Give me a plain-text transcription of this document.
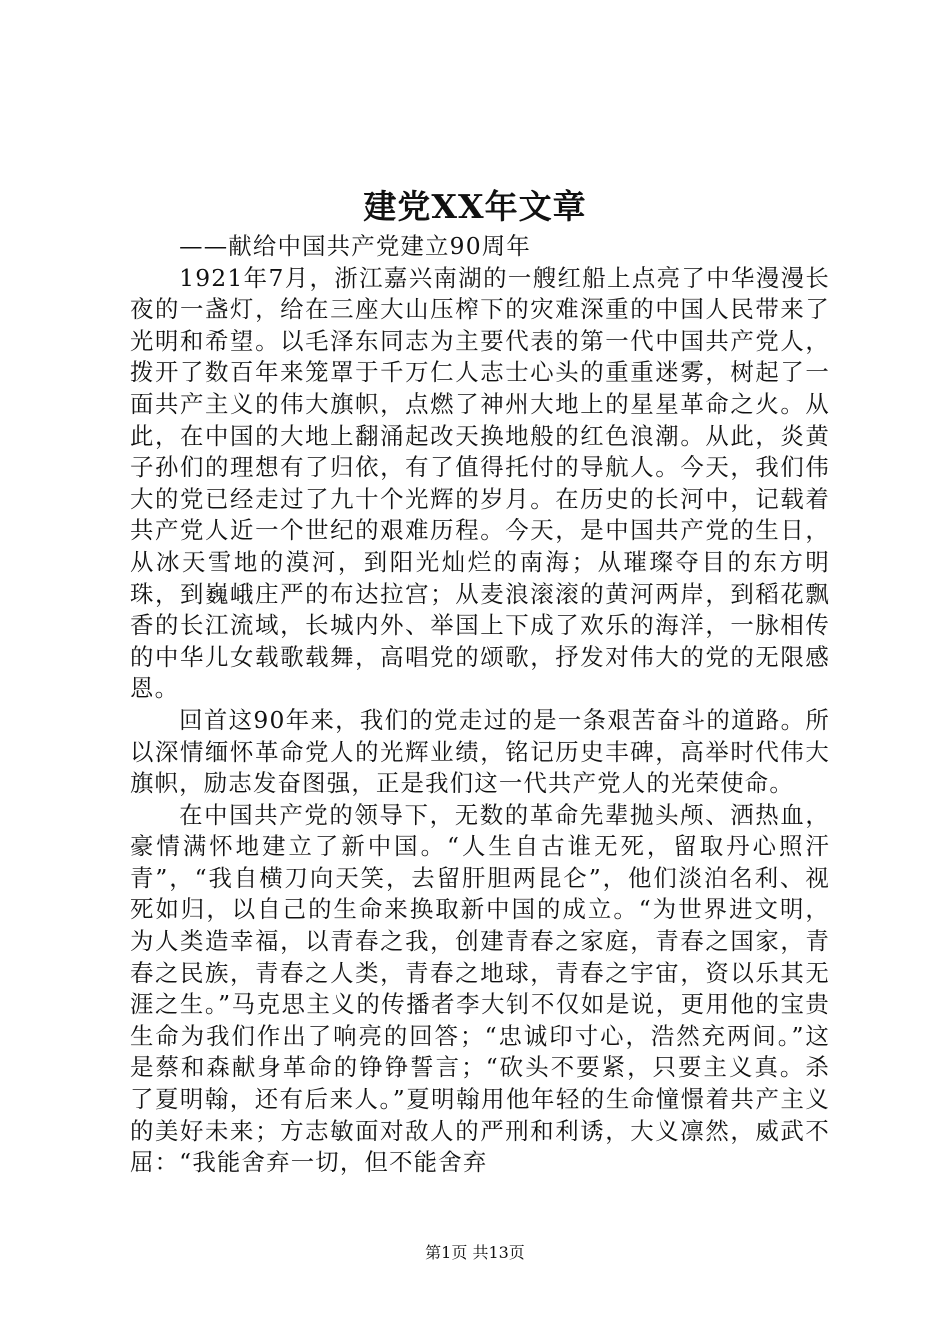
建党XX年文章

——献给中国共产党建立90周年

1921年7月，浙江嘉兴南湖的一艘红船上点亮了中华漫漫长夜的一盏灯，给在三座大山压榨下的灾难深重的中国人民带来了光明和希望。以毛泽东同志为主要代表的第一代中国共产党人，拨开了数百年来笼罩于千万仁人志士心头的重重迷雾，树起了一面共产主义的伟大旗帜，点燃了神州大地上的星星革命之火。从此，在中国的大地上翻涌起改天换地般的红色浪潮。从此，炎黄子孙们的理想有了归依，有了值得托付的导航人。今天，我们伟大的党已经走过了九十个光辉的岁月。在历史的长河中，记载着共产党人近一个世纪的艰难历程。今天，是中国共产党的生日，从冰天雪地的漠河，到阳光灿烂的南海；从璀璨夺目的东方明珠，到巍峨庄严的布达拉宫；从麦浪滚滚的黄河两岸，到稻花飘香的长江流域，长城内外、举国上下成了欢乐的海洋，一脉相传的中华儿女载歌载舞，高唱党的颂歌，抒发对伟大的党的无限感恩。

回首这90年来，我们的党走过的是一条艰苦奋斗的道路。所以深情缅怀革命党人的光辉业绩，铭记历史丰碑，高举时代伟大旗帜，励志发奋图强，正是我们这一代共产党人的光荣使命。

在中国共产党的领导下，无数的革命先辈抛头颅、洒热血，豪情满怀地建立了新中国。“人生自古谁无死，留取丹心照汗青”，“我自横刀向天笑，去留肝胆两昆仑”，他们淡泊名利、视死如归，以自己的生命来换取新中国的成立。“为世界进文明，为人类造幸福，以青春之我，创建青春之家庭，青春之国家，青春之民族，青春之人类，青春之地球，青春之宇宙，资以乐其无涯之生。”马克思主义的传播者李大钊不仅如是说，更用他的宝贵生命为我们作出了响亮的回答；“忠诚印寸心，浩然充两间。”这是蔡和森献身革命的铮铮誓言；“砍头不要紧，只要主义真。杀了夏明翰，还有后来人。”夏明翰用他年轻的生命憧憬着共产主义的美好未来；方志敏面对敌人的严刑和利诱，大义凛然，威武不屈：“我能舍弃一切，但不能舍弃

第1页 共13页
